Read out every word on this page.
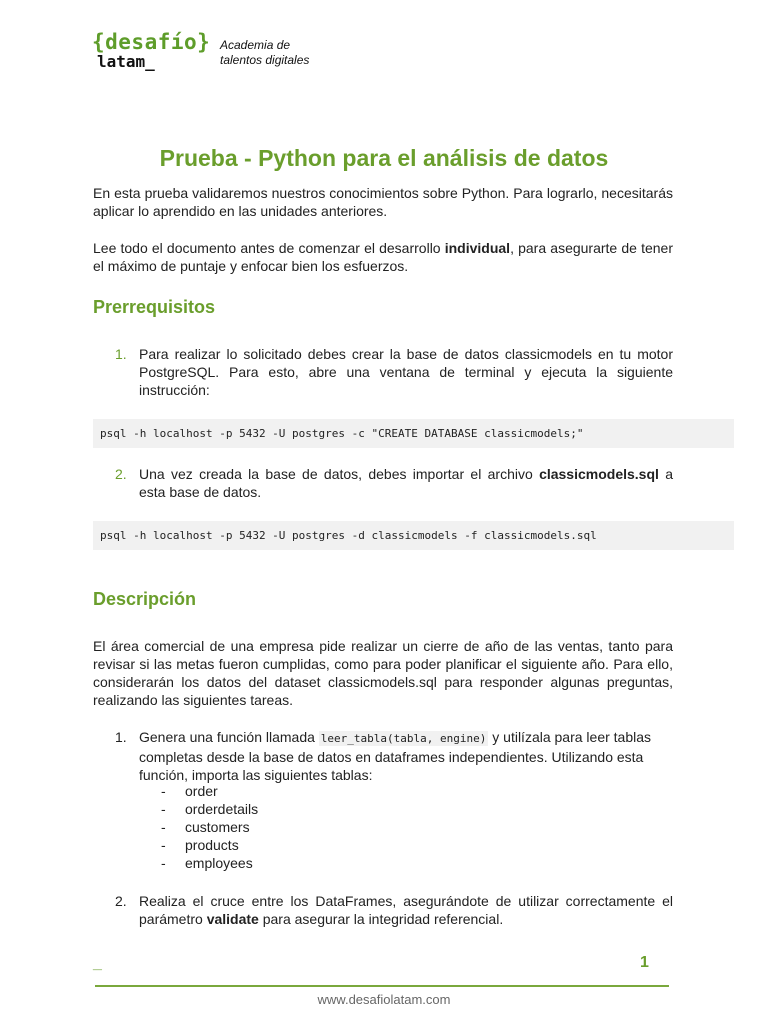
{desafío}
latam_
Academia de
talentos digitales
Prueba - Python para el análisis de datos
En esta prueba validaremos nuestros conocimientos sobre Python. Para lograrlo, necesitarás aplicar lo aprendido en las unidades anteriores.
Lee todo el documento antes de comenzar el desarrollo individual, para asegurarte de tener el máximo de puntaje y enfocar bien los esfuerzos.
Prerrequisitos
1. Para realizar lo solicitado debes crear la base de datos classicmodels en tu motor PostgreSQL. Para esto, abre una ventana de terminal y ejecuta la siguiente instrucción:
psql -h localhost -p 5432 -U postgres -c "CREATE DATABASE classicmodels;"
2. Una vez creada la base de datos, debes importar el archivo classicmodels.sql a esta base de datos.
psql -h localhost -p 5432 -U postgres -d classicmodels -f classicmodels.sql
Descripción
El área comercial de una empresa pide realizar un cierre de año de las ventas, tanto para revisar si las metas fueron cumplidas, como para poder planificar el siguiente año. Para ello, considerarán los datos del dataset classicmodels.sql para responder algunas preguntas, realizando las siguientes tareas.
1. Genera una función llamada leer_tabla(tabla, engine) y utilízala para leer tablas completas desde la base de datos en dataframes independientes. Utilizando esta función, importa las siguientes tablas:
- order
- orderdetails
- customers
- products
- employees
2. Realiza el cruce entre los DataFrames, asegurándote de utilizar correctamente el parámetro validate para asegurar la integridad referencial.
_	1
www.desafiolatam.com
